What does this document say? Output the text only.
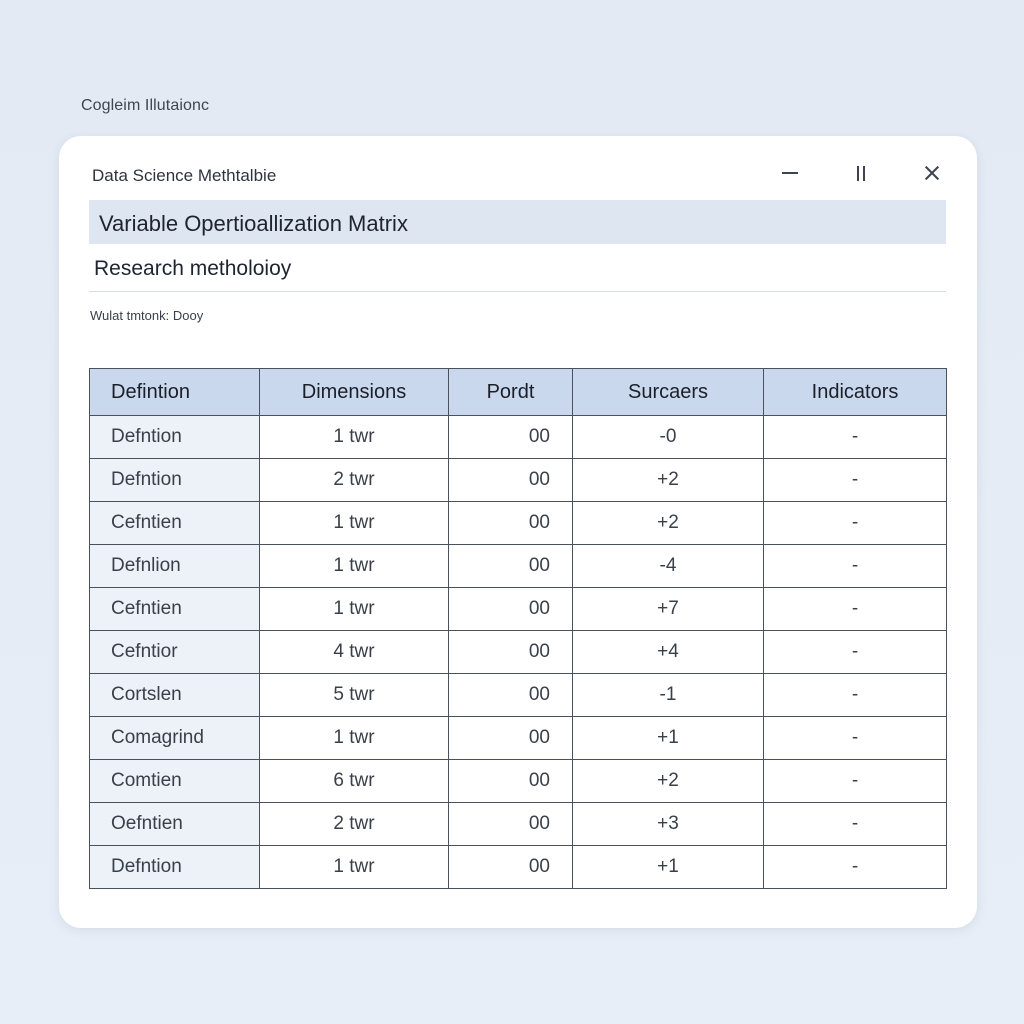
Cogleim Illutaionc
Data Science Methtalbie
Variable Opertioallization Matrix
Research metholoioy
Wulat tmtonk: Dooy
Defintion	Dimensions	Pordt	Surcaers	Indicators
Defntion	1 twr	00	-0	-
Defntion	2 twr	00	+2	-
Cefntien	1 twr	00	+2	-
Defnlion	1 twr	00	-4	-
Cefntien	1 twr	00	+7	-
Cefntior	4 twr	00	+4	-
Cortslen	5 twr	00	-1	-
Comagrind	1 twr	00	+1	-
Comtien	6 twr	00	+2	-
Oefntien	2 twr	00	+3	-
Defntion	1 twr	00	+1	-
